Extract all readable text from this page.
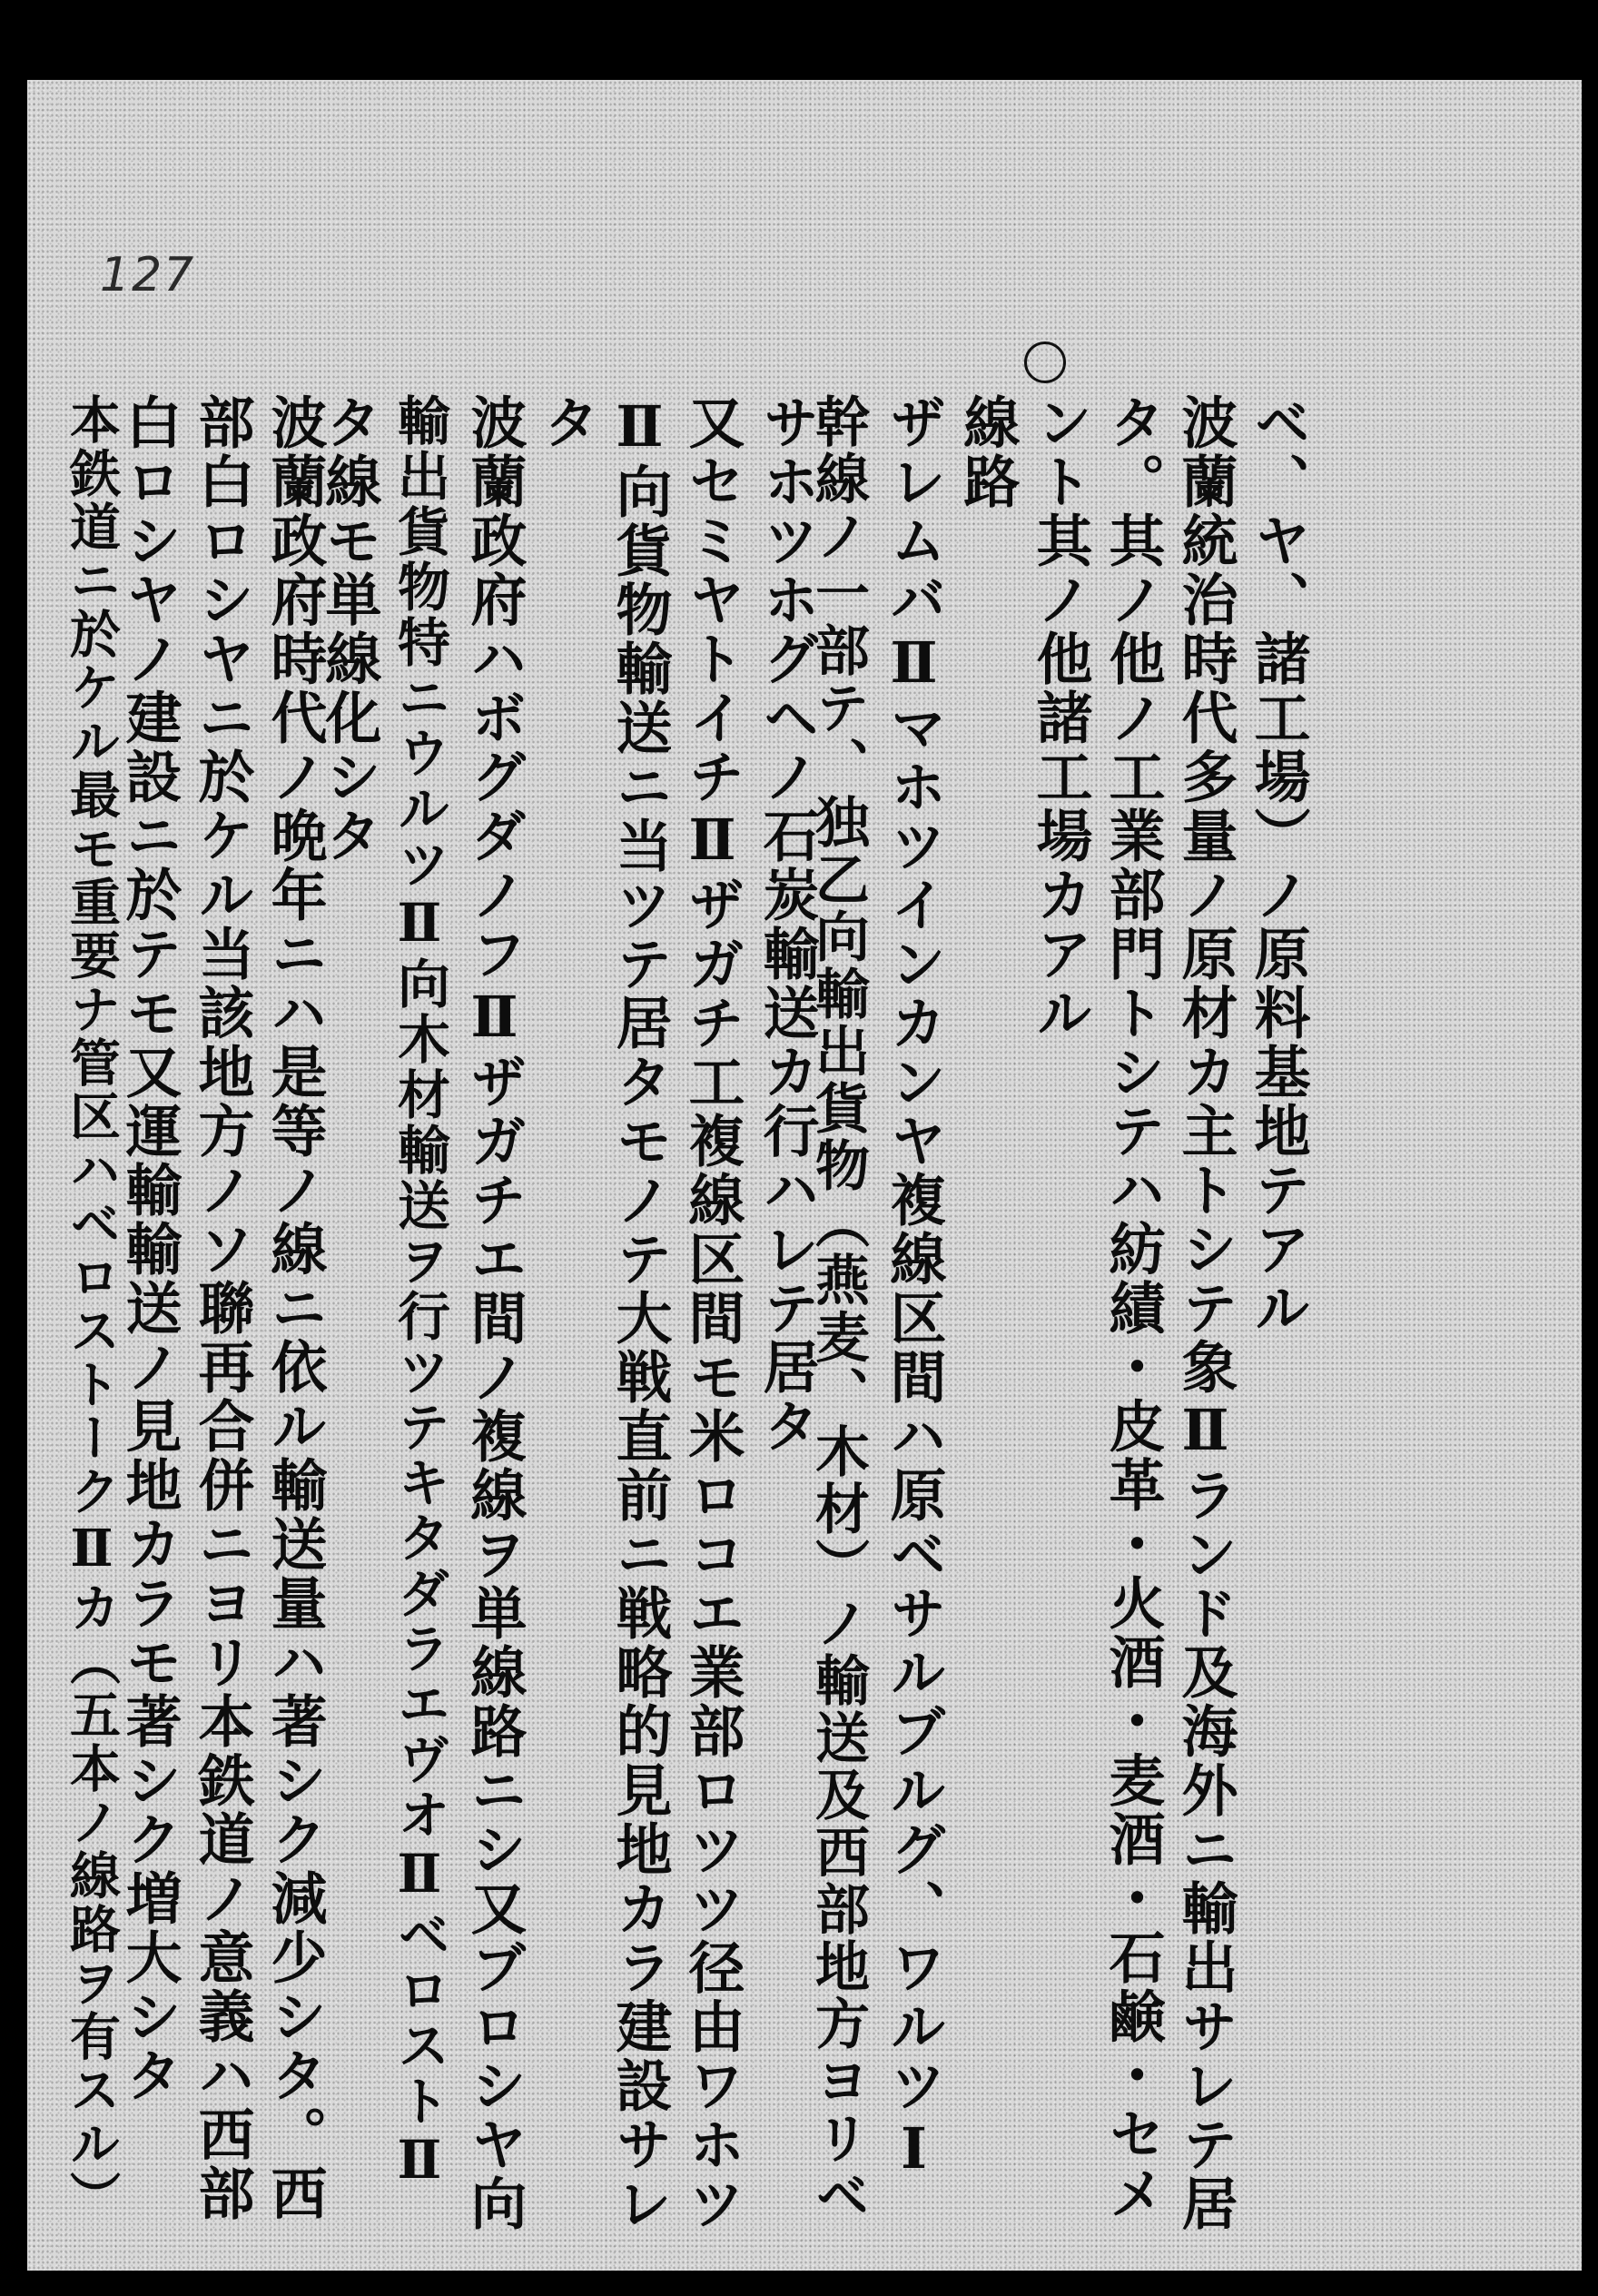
127
ベ、ヤ、諸工場）ノ原料基地テアル
波蘭統治時代多量ノ原材カ主トシテ象Ⅱランド及海外ニ輸出サレテ居
タ。其ノ他ノ工業部門トシテハ紡績・皮革・火酒・麦酒・石鹸・セメ
ント其ノ他諸工場カアル
線路
ザレムバⅡマホツインカンヤ複線区間ハ原ベサルブルグ、ワルツⅠ
幹線ノ一部テ、独乙向輸出貨物（燕麦、木材）ノ輸送及西部地方ヨリベ
サホツホグヘノ石炭輸送カ行ハレテ居タ
又セミヤトイチⅡザガチ工複線区間モ米ロコエ業部ロツツ径由ワホツ
Ⅱ向貨物輸送ニ当ツテ居タモノテ大戦直前ニ戦略的見地カラ建設サレ
タ
波蘭政府ハボグダノフⅡザガチエ間ノ複線ヲ単線路ニシ又ブロシヤ向
輸出貨物特ニウルツⅡ向木材輸送ヲ行ツテキタダラエヴオⅡベロストⅡ
タ線モ単線化シタ
波蘭政府時代ノ晩年ニハ是等ノ線ニ依ル輸送量ハ著シク減少シタ。西
部白ロシヤニ於ケル当該地方ノソ聯再合併ニヨリ本鉄道ノ意義ハ西部
白ロシヤノ建設ニ於テモ又運輸輸送ノ見地カラモ著シク増大シタ
本鉄道ニ於ケル最モ重要ナ管区ハベロストークⅡカ（五本ノ線路ヲ有スル）
